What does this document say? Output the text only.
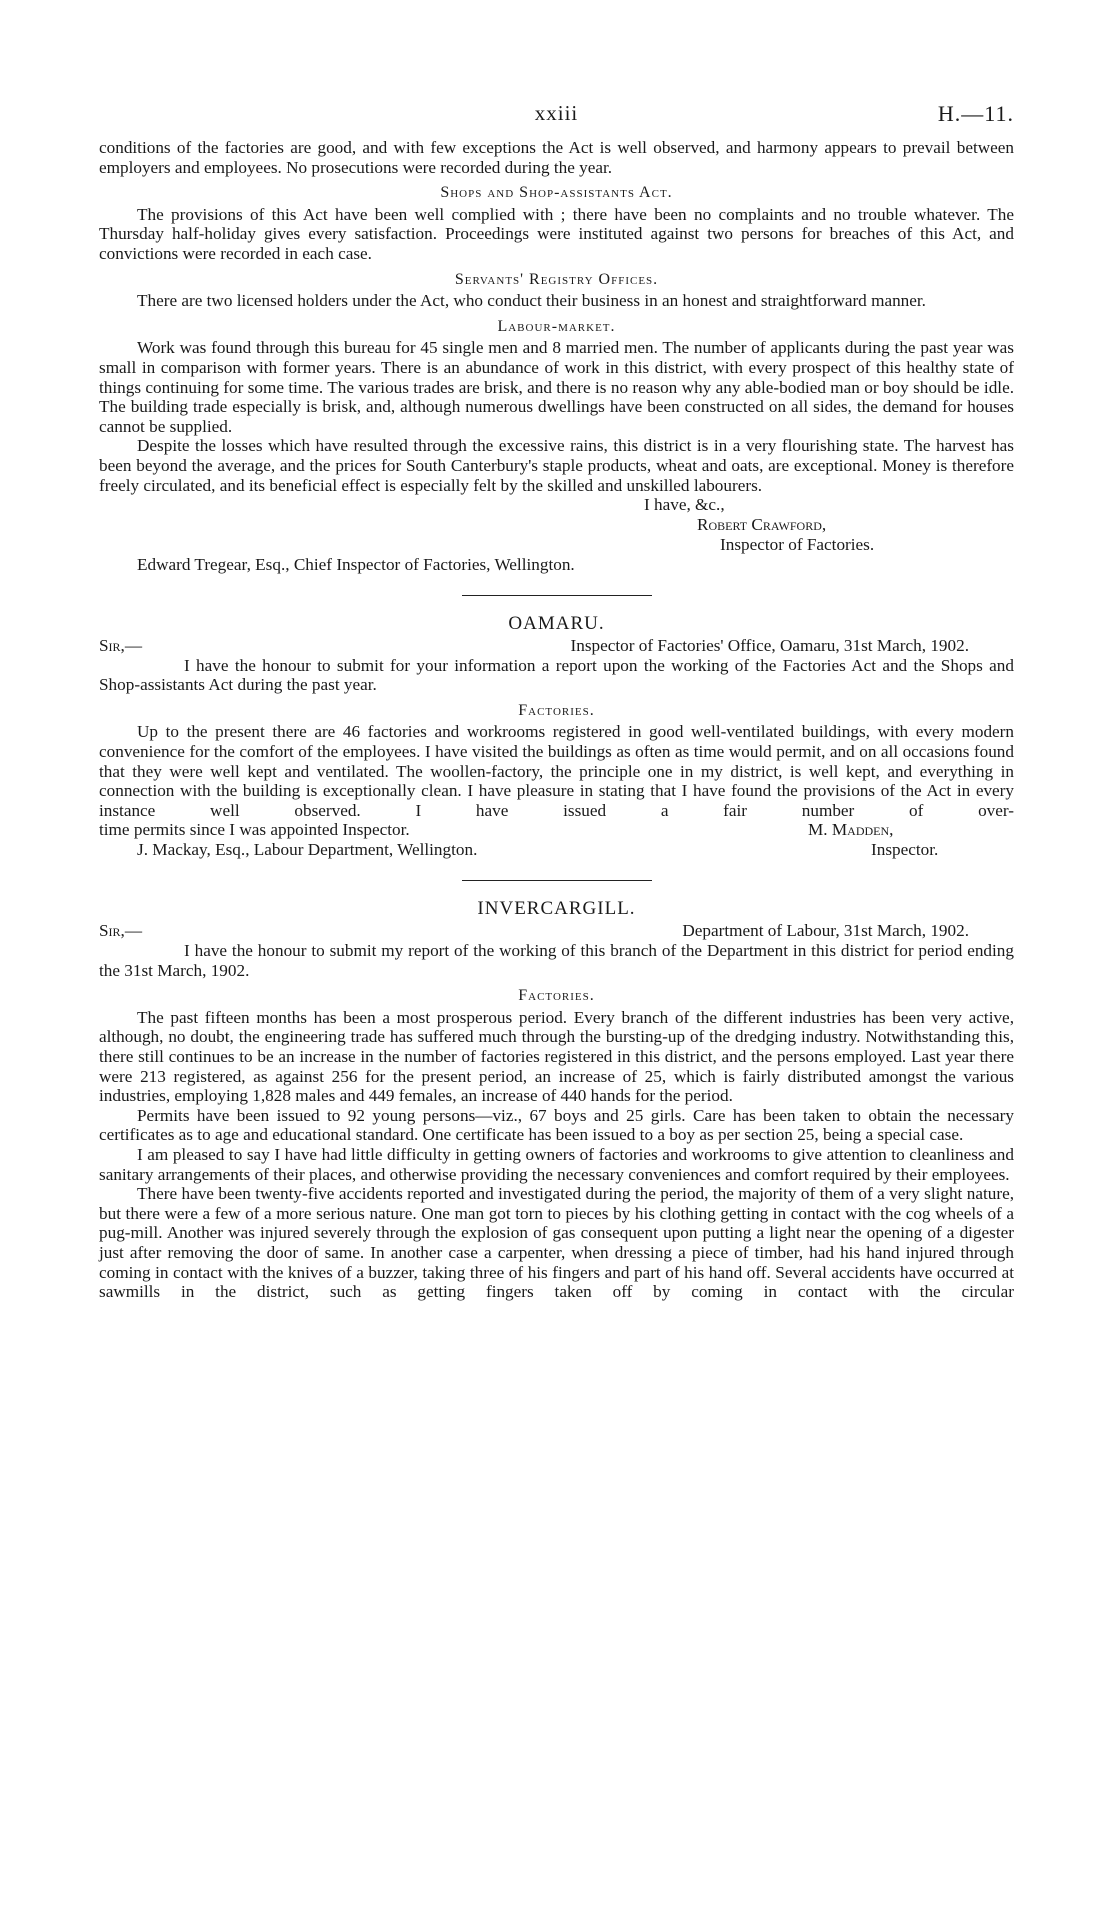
xxiii	H.—11.

conditions of the factories are good, and with few exceptions the Act is well observed, and harmony appears to prevail between employers and employees. No prosecutions were recorded during the year.

Shops and Shop-assistants Act.

The provisions of this Act have been well complied with ; there have been no complaints and no trouble whatever. The Thursday half-holiday gives every satisfaction. Proceedings were instituted against two persons for breaches of this Act, and convictions were recorded in each case.

Servants' Registry Offices.

There are two licensed holders under the Act, who conduct their business in an honest and straightforward manner.

Labour-market.

Work was found through this bureau for 45 single men and 8 married men. The number of applicants during the past year was small in comparison with former years. There is an abundance of work in this district, with every prospect of this healthy state of things continuing for some time. The various trades are brisk, and there is no reason why any able-bodied man or boy should be idle. The building trade especially is brisk, and, although numerous dwellings have been constructed on all sides, the demand for houses cannot be supplied.

Despite the losses which have resulted through the excessive rains, this district is in a very flourishing state. The harvest has been beyond the average, and the prices for South Canterbury's staple products, wheat and oats, are exceptional. Money is therefore freely circulated, and its beneficial effect is especially felt by the skilled and unskilled labourers.

I have, &c.,
Robert Crawford,
Inspector of Factories.
Edward Tregear, Esq., Chief Inspector of Factories, Wellington.
OAMARU.
Sir,—	Inspector of Factories' Office, Oamaru, 31st March, 1902.

I have the honour to submit for your information a report upon the working of the Factories Act and the Shops and Shop-assistants Act during the past year.

Factories.

Up to the present there are 46 factories and workrooms registered in good well-ventilated buildings, with every modern convenience for the comfort of the employees. I have visited the buildings as often as time would permit, and on all occasions found that they were well kept and ventilated. The woollen-factory, the principle one in my district, is well kept, and everything in connection with the building is exceptionally clean. I have pleasure in stating that I have found the provisions of the Act in every instance well observed. I have issued a fair number of over-

time permits since I was appointed Inspector.	M. Madden,
J. Mackay, Esq., Labour Department, Wellington.	Inspector.
INVERCARGILL.
Sir,—	Department of Labour, 31st March, 1902.

I have the honour to submit my report of the working of this branch of the Department in this district for period ending the 31st March, 1902.

Factories.

The past fifteen months has been a most prosperous period. Every branch of the different industries has been very active, although, no doubt, the engineering trade has suffered much through the bursting-up of the dredging industry. Notwithstanding this, there still continues to be an increase in the number of factories registered in this district, and the persons employed. Last year there were 213 registered, as against 256 for the present period, an increase of 25, which is fairly distributed amongst the various industries, employing 1,828 males and 449 females, an increase of 440 hands for the period.

Permits have been issued to 92 young persons—viz., 67 boys and 25 girls. Care has been taken to obtain the necessary certificates as to age and educational standard. One certificate has been issued to a boy as per section 25, being a special case.

I am pleased to say I have had little difficulty in getting owners of factories and workrooms to give attention to cleanliness and sanitary arrangements of their places, and otherwise providing the necessary conveniences and comfort required by their employees.

There have been twenty-five accidents reported and investigated during the period, the majority of them of a very slight nature, but there were a few of a more serious nature. One man got torn to pieces by his clothing getting in contact with the cog wheels of a pug-mill. Another was injured severely through the explosion of gas consequent upon putting a light near the opening of a digester just after removing the door of same. In another case a carpenter, when dressing a piece of timber, had his hand injured through coming in contact with the knives of a buzzer, taking three of his fingers and part of his hand off. Several accidents have occurred at sawmills in the district, such as getting fingers taken off by coming in contact with the circular
